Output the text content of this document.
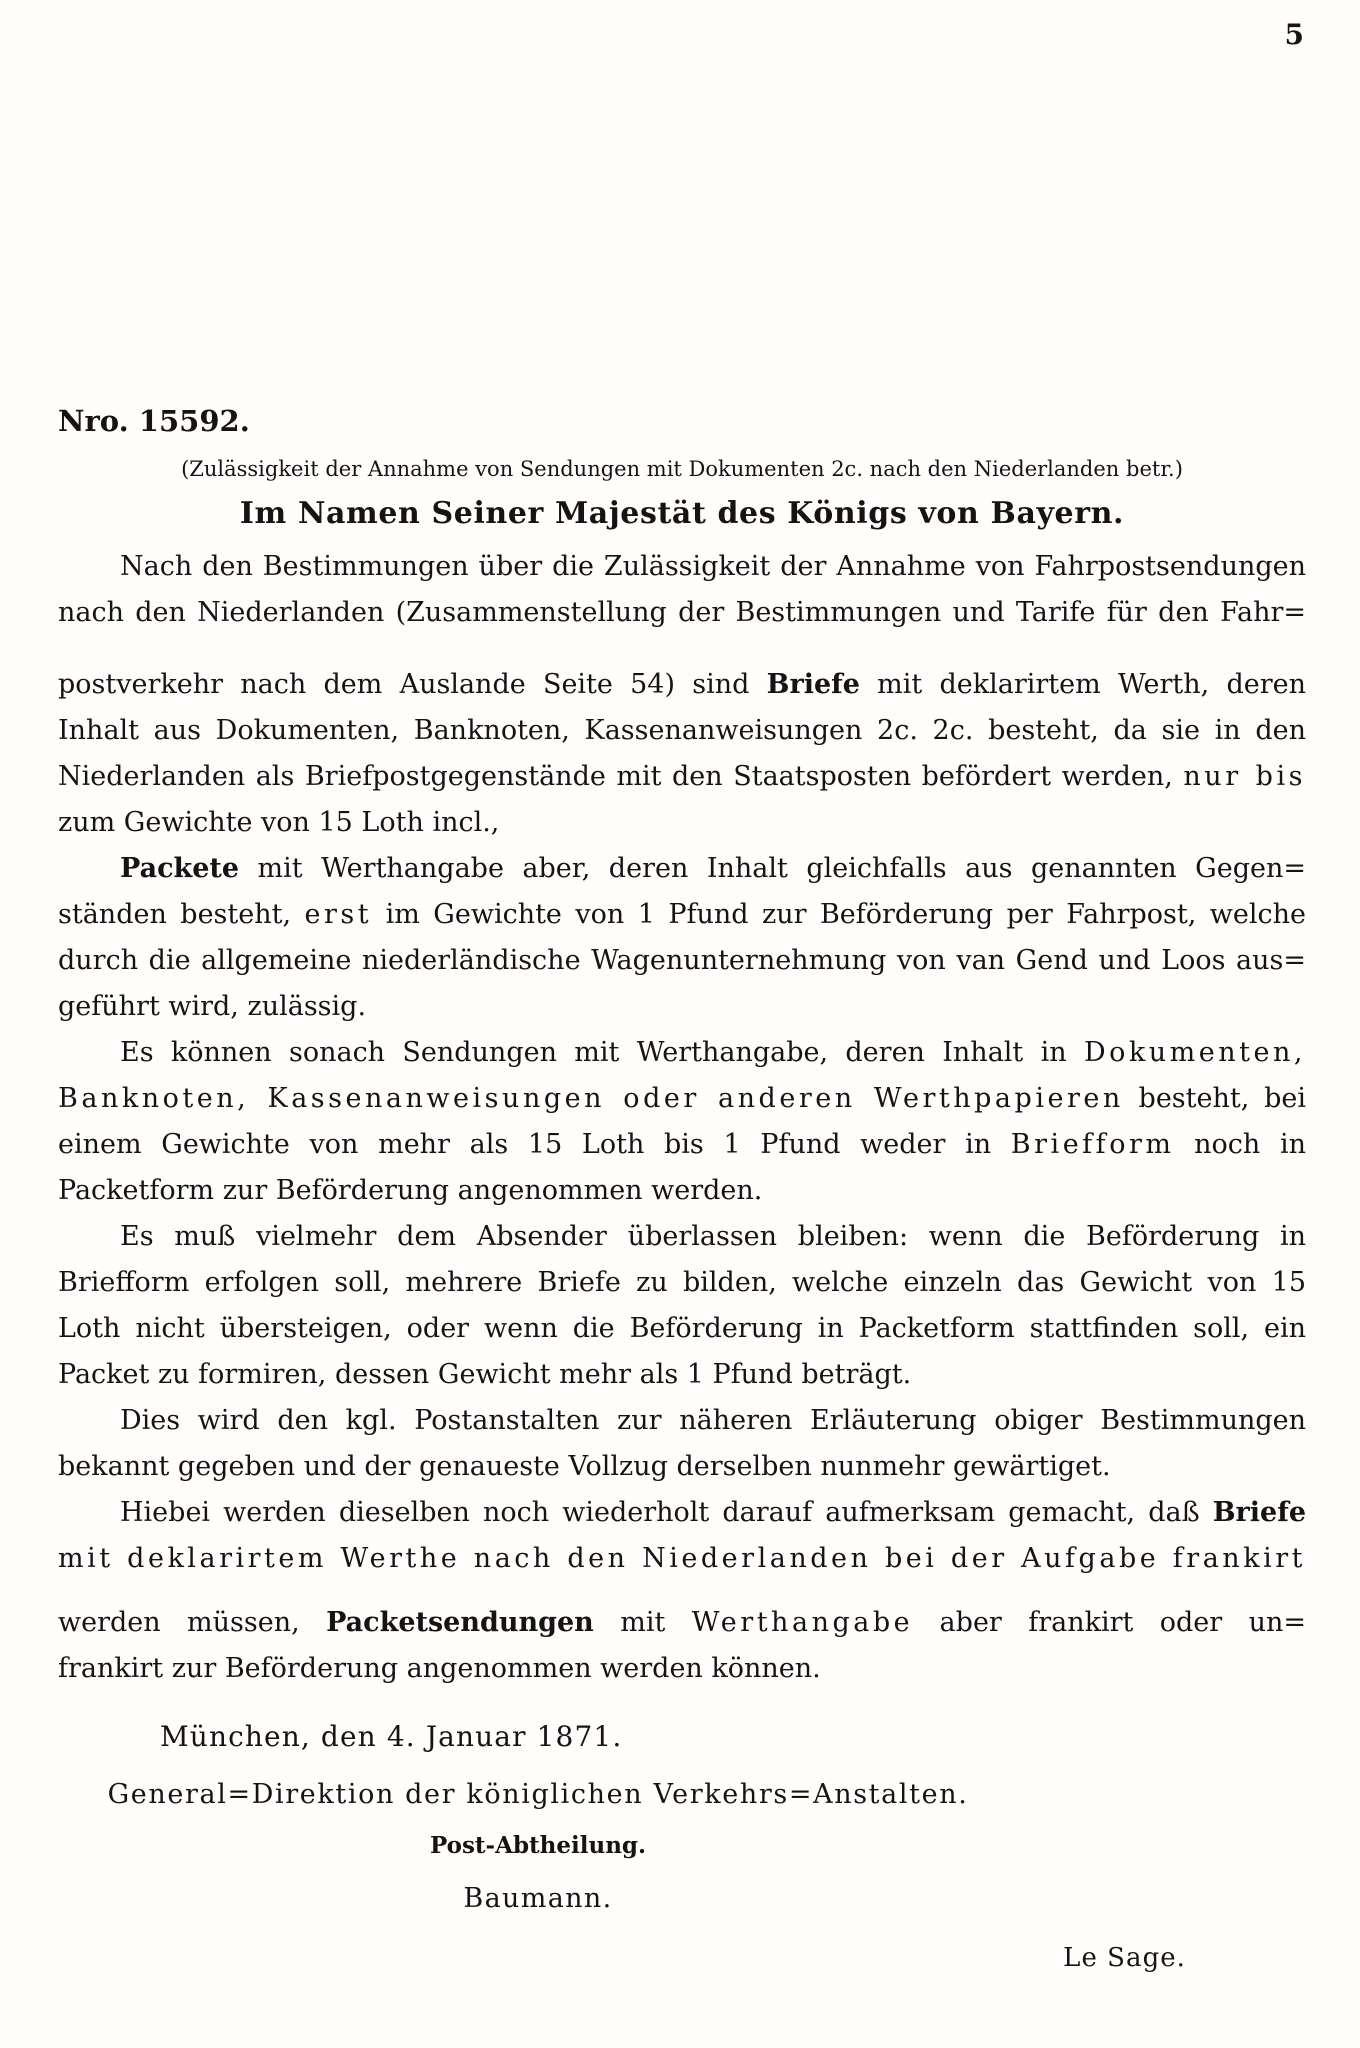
5
Nro. 15592.
(Zulässigkeit der Annahme von Sendungen mit Dokumenten 2c. nach den Niederlanden betr.)
Im Namen Seiner Majestät des Königs von Bayern.
Nach den Bestimmungen über die Zulässigkeit der Annahme von Fahrpostsendungen
nach den Niederlanden (Zusammenstellung der Bestimmungen und Tarife für den Fahr=
postverkehr nach dem Auslande Seite 54) sind Briefe mit deklarirtem Werth, deren
Inhalt aus Dokumenten, Banknoten, Kassenanweisungen 2c. 2c. besteht, da sie in den
Niederlanden als Briefpostgegenstände mit den Staatsposten befördert werden, nur bis
zum Gewichte von 15 Loth incl.,
Packete mit Werthangabe aber, deren Inhalt gleichfalls aus genannten Gegen=
ständen besteht, erst im Gewichte von 1 Pfund zur Beförderung per Fahrpost, welche
durch die allgemeine niederländische Wagenunternehmung von van Gend und Loos aus=
geführt wird, zulässig.
Es können sonach Sendungen mit Werthangabe, deren Inhalt in Dokumenten,
Banknoten, Kassenanweisungen oder anderen Werthpapieren besteht, bei
einem Gewichte von mehr als 15 Loth bis 1 Pfund weder in Briefform noch in
Packetform zur Beförderung angenommen werden.
Es muß vielmehr dem Absender überlassen bleiben: wenn die Beförderung in
Briefform erfolgen soll, mehrere Briefe zu bilden, welche einzeln das Gewicht von 15
Loth nicht übersteigen, oder wenn die Beförderung in Packetform stattfinden soll, ein
Packet zu formiren, dessen Gewicht mehr als 1 Pfund beträgt.
Dies wird den kgl. Postanstalten zur näheren Erläuterung obiger Bestimmungen
bekannt gegeben und der genaueste Vollzug derselben nunmehr gewärtiget.
Hiebei werden dieselben noch wiederholt darauf aufmerksam gemacht, daß Briefe
mit deklarirtem Werthe nach den Niederlanden bei der Aufgabe frankirt
werden müssen, Packetsendungen mit Werthangabe aber frankirt oder un=
frankirt zur Beförderung angenommen werden können.
München, den 4. Januar 1871.
General=Direktion der königlichen Verkehrs=Anstalten.
Post-Abtheilung.
Baumann.
Le Sage.
